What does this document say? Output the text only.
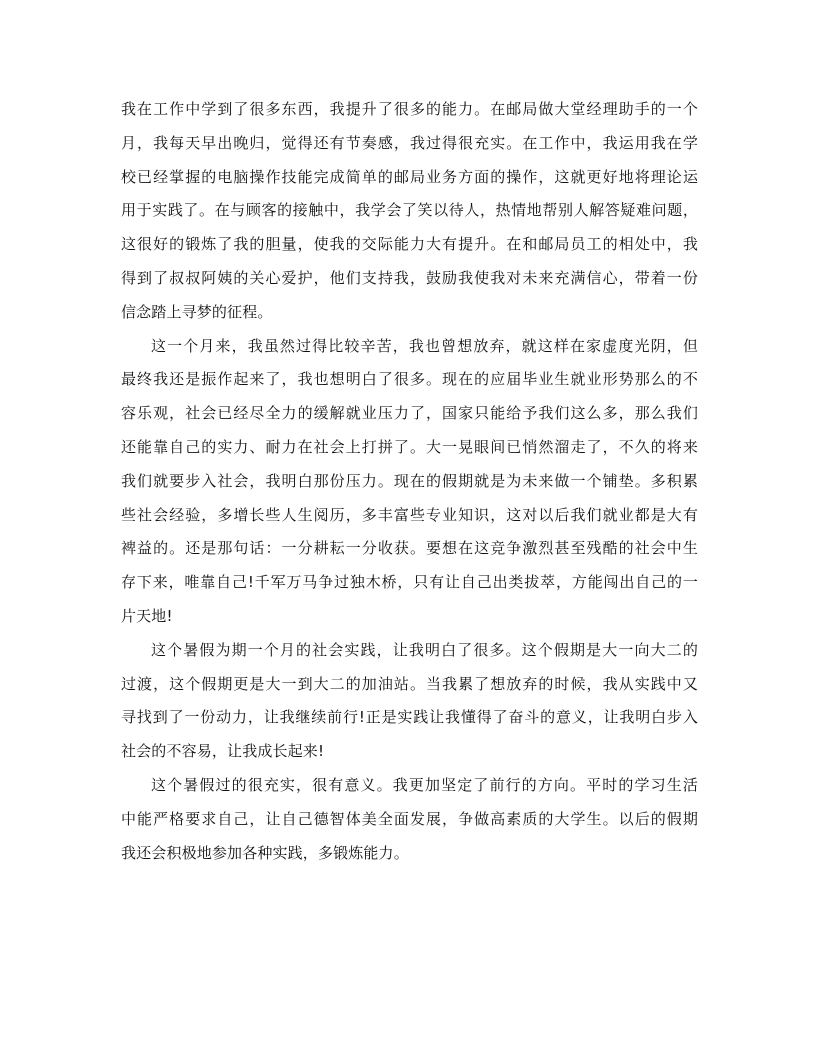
我在工作中学到了很多东西，我提升了很多的能力。在邮局做大堂经理助手的一个
月，我每天早出晚归，觉得还有节奏感，我过得很充实。在工作中，我运用我在学
校已经掌握的电脑操作技能完成简单的邮局业务方面的操作，这就更好地将理论运
用于实践了。在与顾客的接触中，我学会了笑以待人，热情地帮别人解答疑难问题，
这很好的锻炼了我的胆量，使我的交际能力大有提升。在和邮局员工的相处中，我
得到了叔叔阿姨的关心爱护，他们支持我，鼓励我使我对未来充满信心，带着一份
信念踏上寻梦的征程。
这一个月来，我虽然过得比较辛苦，我也曾想放弃，就这样在家虚度光阴，但
最终我还是振作起来了，我也想明白了很多。现在的应届毕业生就业形势那么的不
容乐观，社会已经尽全力的缓解就业压力了，国家只能给予我们这么多，那么我们
还能靠自己的实力、耐力在社会上打拼了。大一晃眼间已悄然溜走了，不久的将来
我们就要步入社会，我明白那份压力。现在的假期就是为未来做一个铺垫。多积累
些社会经验，多增长些人生阅历，多丰富些专业知识，这对以后我们就业都是大有
裨益的。还是那句话：一分耕耘一分收获。要想在这竞争激烈甚至残酷的社会中生
存下来，唯靠自己!千军万马争过独木桥，只有让自己出类拔萃，方能闯出自己的一
片天地!
这个暑假为期一个月的社会实践，让我明白了很多。这个假期是大一向大二的
过渡，这个假期更是大一到大二的加油站。当我累了想放弃的时候，我从实践中又
寻找到了一份动力，让我继续前行!正是实践让我懂得了奋斗的意义，让我明白步入
社会的不容易，让我成长起来!
这个暑假过的很充实，很有意义。我更加坚定了前行的方向。平时的学习生活
中能严格要求自己，让自己德智体美全面发展，争做高素质的大学生。以后的假期
我还会积极地参加各种实践，多锻炼能力。
